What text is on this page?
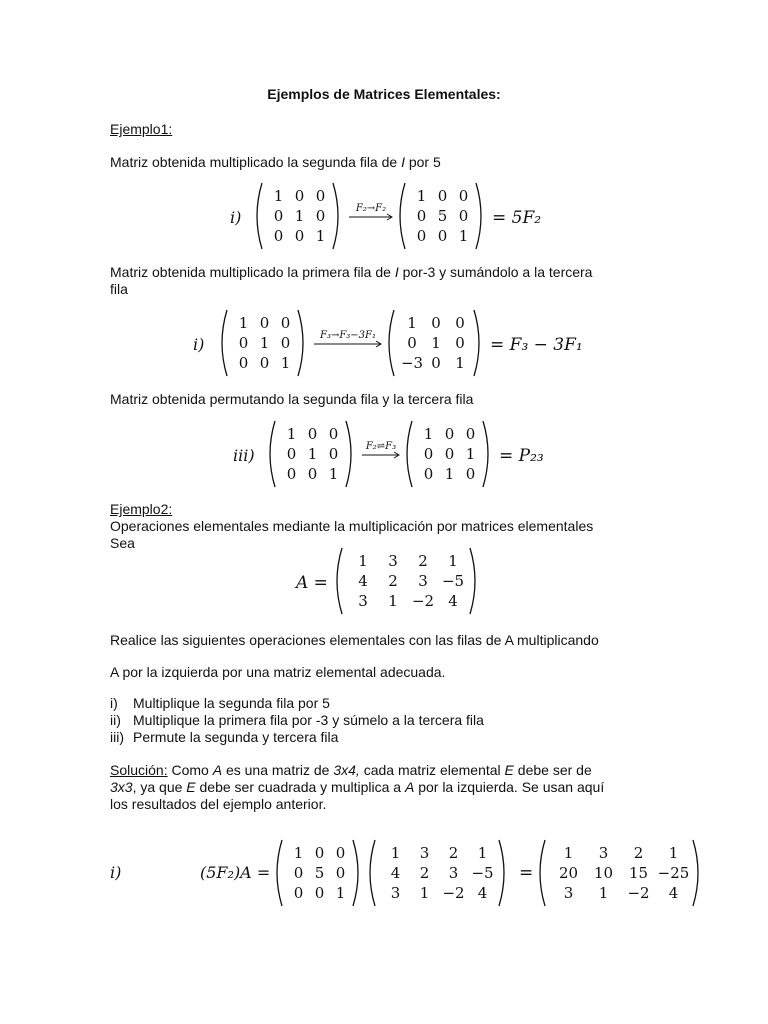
Ejemplos de Matrices Elementales:
Ejemplo1:
Matriz obtenida multiplicado la segunda fila de I por 5
i)
1 0 0
0 1 0
0 0 1
F₂→F₂
1 0 0
0 5 0
0 0 1
= 5F₂
Matriz obtenida multiplicado la primera fila de I por-3 y sumándolo a la tercera
fila
i)
1 0 0
0 1 0
0 0 1
F₃→F₃−3F₁
1 0 0
0 1 0
−3 0 1
= F₃ − 3F₁
Matriz obtenida permutando la segunda fila y la tercera fila
iii)
1 0 0
0 1 0
0 0 1
F₂⇌F₃
1 0 0
0 0 1
0 1 0
= P₂₃
Ejemplo2:
Operaciones elementales mediante la multiplicación por matrices elementales
Sea
A =
1 3 2 1
4 2 3 −5
3 1 −2 4
Realice las siguientes operaciones elementales con las filas de A multiplicando
A por la izquierda por una matriz elemental adecuada.
i) Multiplique la segunda fila por 5
ii) Multiplique la primera fila por -3 y súmelo a la tercera fila
iii) Permute la segunda y tercera fila
Solución: Como A es una matriz de 3x4, cada matriz elemental E debe ser de
3x3, ya que E debe ser cuadrada y multiplica a A por la izquierda. Se usan aquí
los resultados del ejemplo anterior.
i)	(5F₂)A =
1 0 0
0 5 0
0 0 1
1 3 2 1
4 2 3 −5
3 1 −2 4
=
1 3 2 1
20 10 15 −25
3 1 −2 4
